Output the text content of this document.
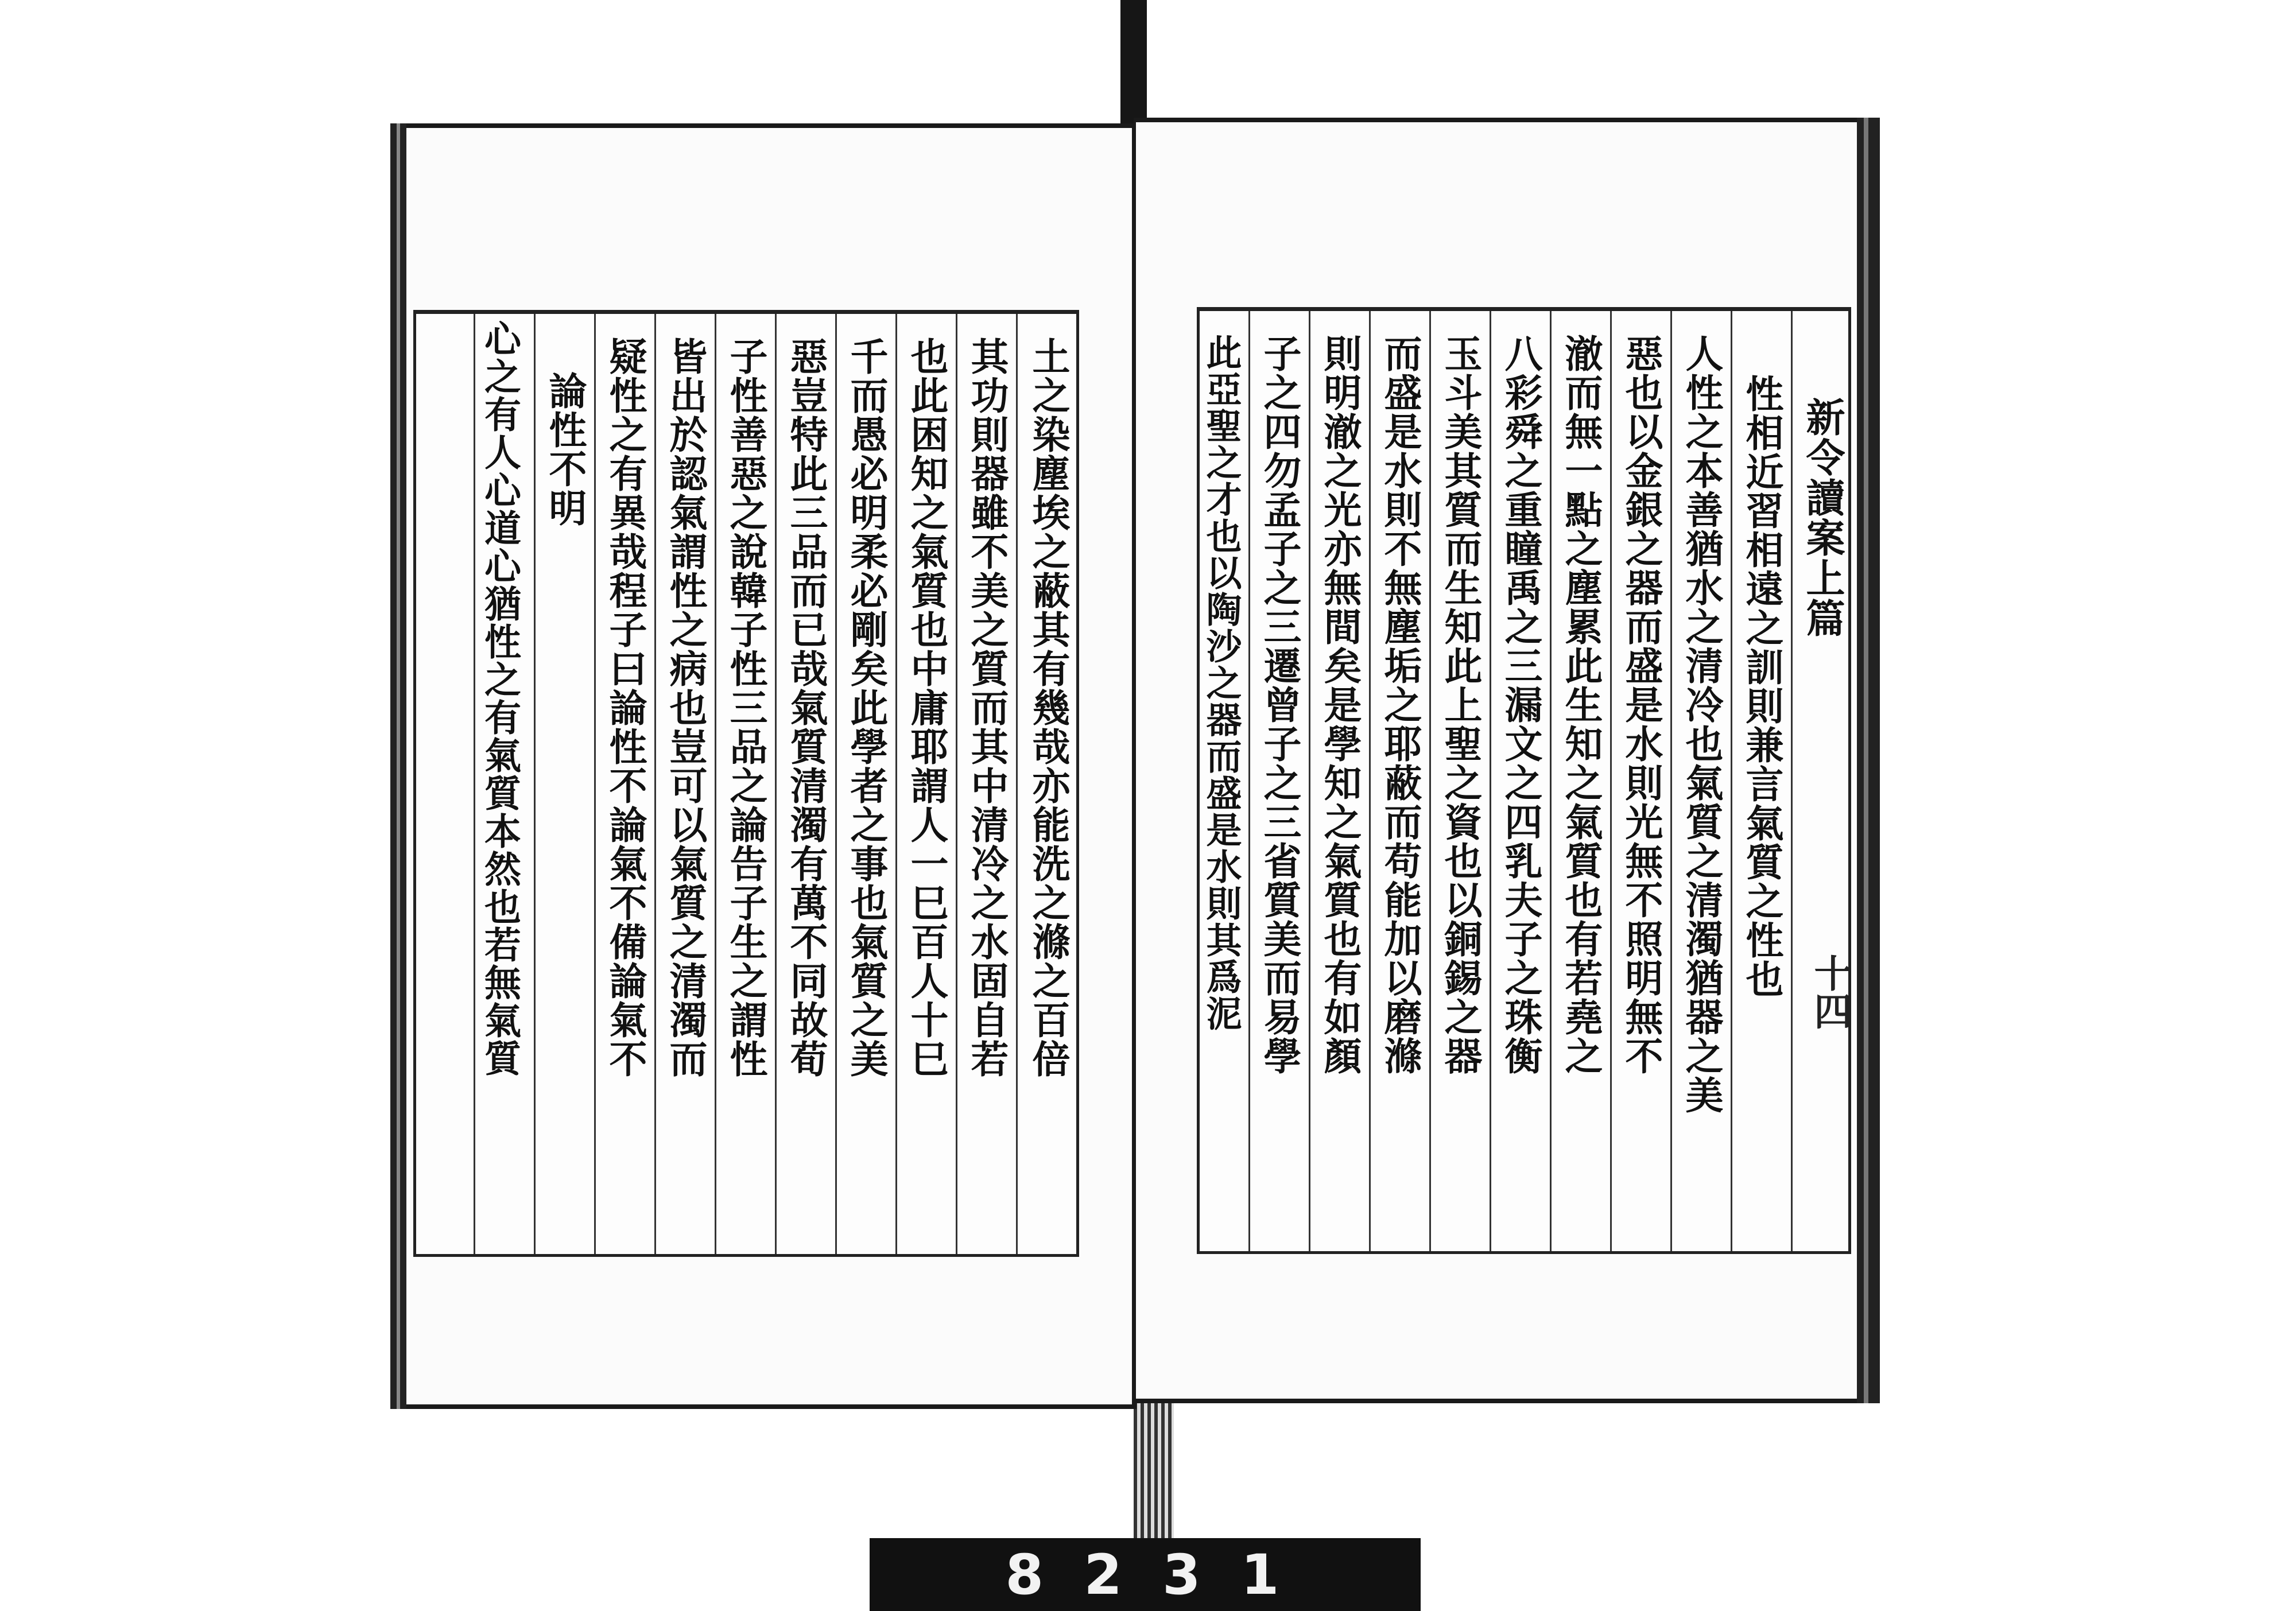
土之染塵埃之蔽其有幾哉亦能洗之滌之百倍
其功則器雖不美之質而其中清冷之水固自若
也此困知之氣質也中庸耶謂人一巳百人十巳
千而愚必明柔必剛矣此學者之事也氣質之美
惡豈特此三品而已哉氣質清濁有萬不同故荀
子性善惡之說韓子性三品之論告子生之謂性
皆出於認氣謂性之病也豈可以氣質之清濁而
疑性之有異哉程子曰論性不論氣不備論氣不
論性不明
心之有人心道心猶性之有氣質本然也若無氣質	新令讀案上篇
十四
性相近習相遠之訓則兼言氣質之性也
人性之本善猶水之清冷也氣質之清濁猶器之美
惡也以金銀之器而盛是水則光無不照明無不
澈而無一點之塵累此生知之氣質也有若堯之
八彩舜之重瞳禹之三漏文之四乳夫子之珠衡
玉斗美其質而生知此上聖之資也以銅錫之器
而盛是水則不無塵垢之耶蔽而苟能加以磨滌
則明澈之光亦無間矣是學知之氣質也有如顏
子之四勿孟子之三遷曾子之三省質美而易學
此亞聖之才也以陶沙之器而盛是水則其爲泥
8 2 3 1
